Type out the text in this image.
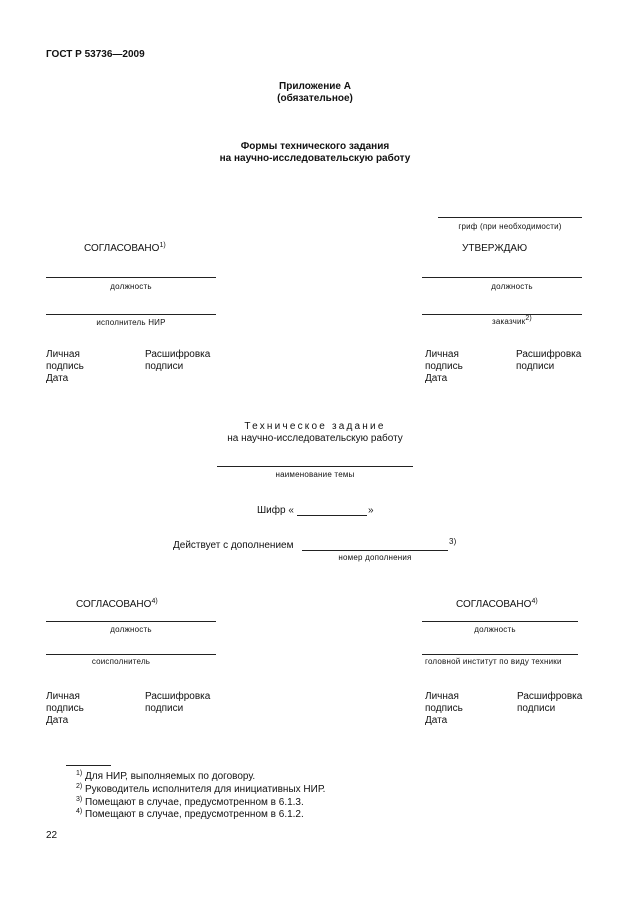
ГОСТ Р 53736—2009
Приложение А
(обязательное)
Формы технического задания
на научно-исследовательскую работу
гриф (при необходимости)
СОГЛАСОВАНО$^{1)}$
должность
исполнитель НИР
Личная
подпись
Дата
Расшифровка
подписи
УТВЕРЖДАЮ
должность
заказчик$^{2)}$
Личная
подпись
Дата
Расшифровка
подписи
Техническое задание
на научно-исследовательскую работу
наименование темы
Шифр «	»
Действует с дополнением	3)
номер дополнения
СОГЛАСОВАНО$^{4)}$
должность
соисполнитель
Личная
подпись
Дата
Расшифровка
подписи
СОГЛАСОВАНО$^{4)}$
должность
головной институт по виду техники
Личная
подпись
Дата
Расшифровка
подписи
$^{1)}$ Для НИР, выполняемых по договору.
$^{2)}$ Руководитель исполнителя для инициативных НИР.
$^{3)}$ Помещают в случае, предусмотренном в 6.1.3.
$^{4)}$ Помещают в случае, предусмотренном в 6.1.2.
22
